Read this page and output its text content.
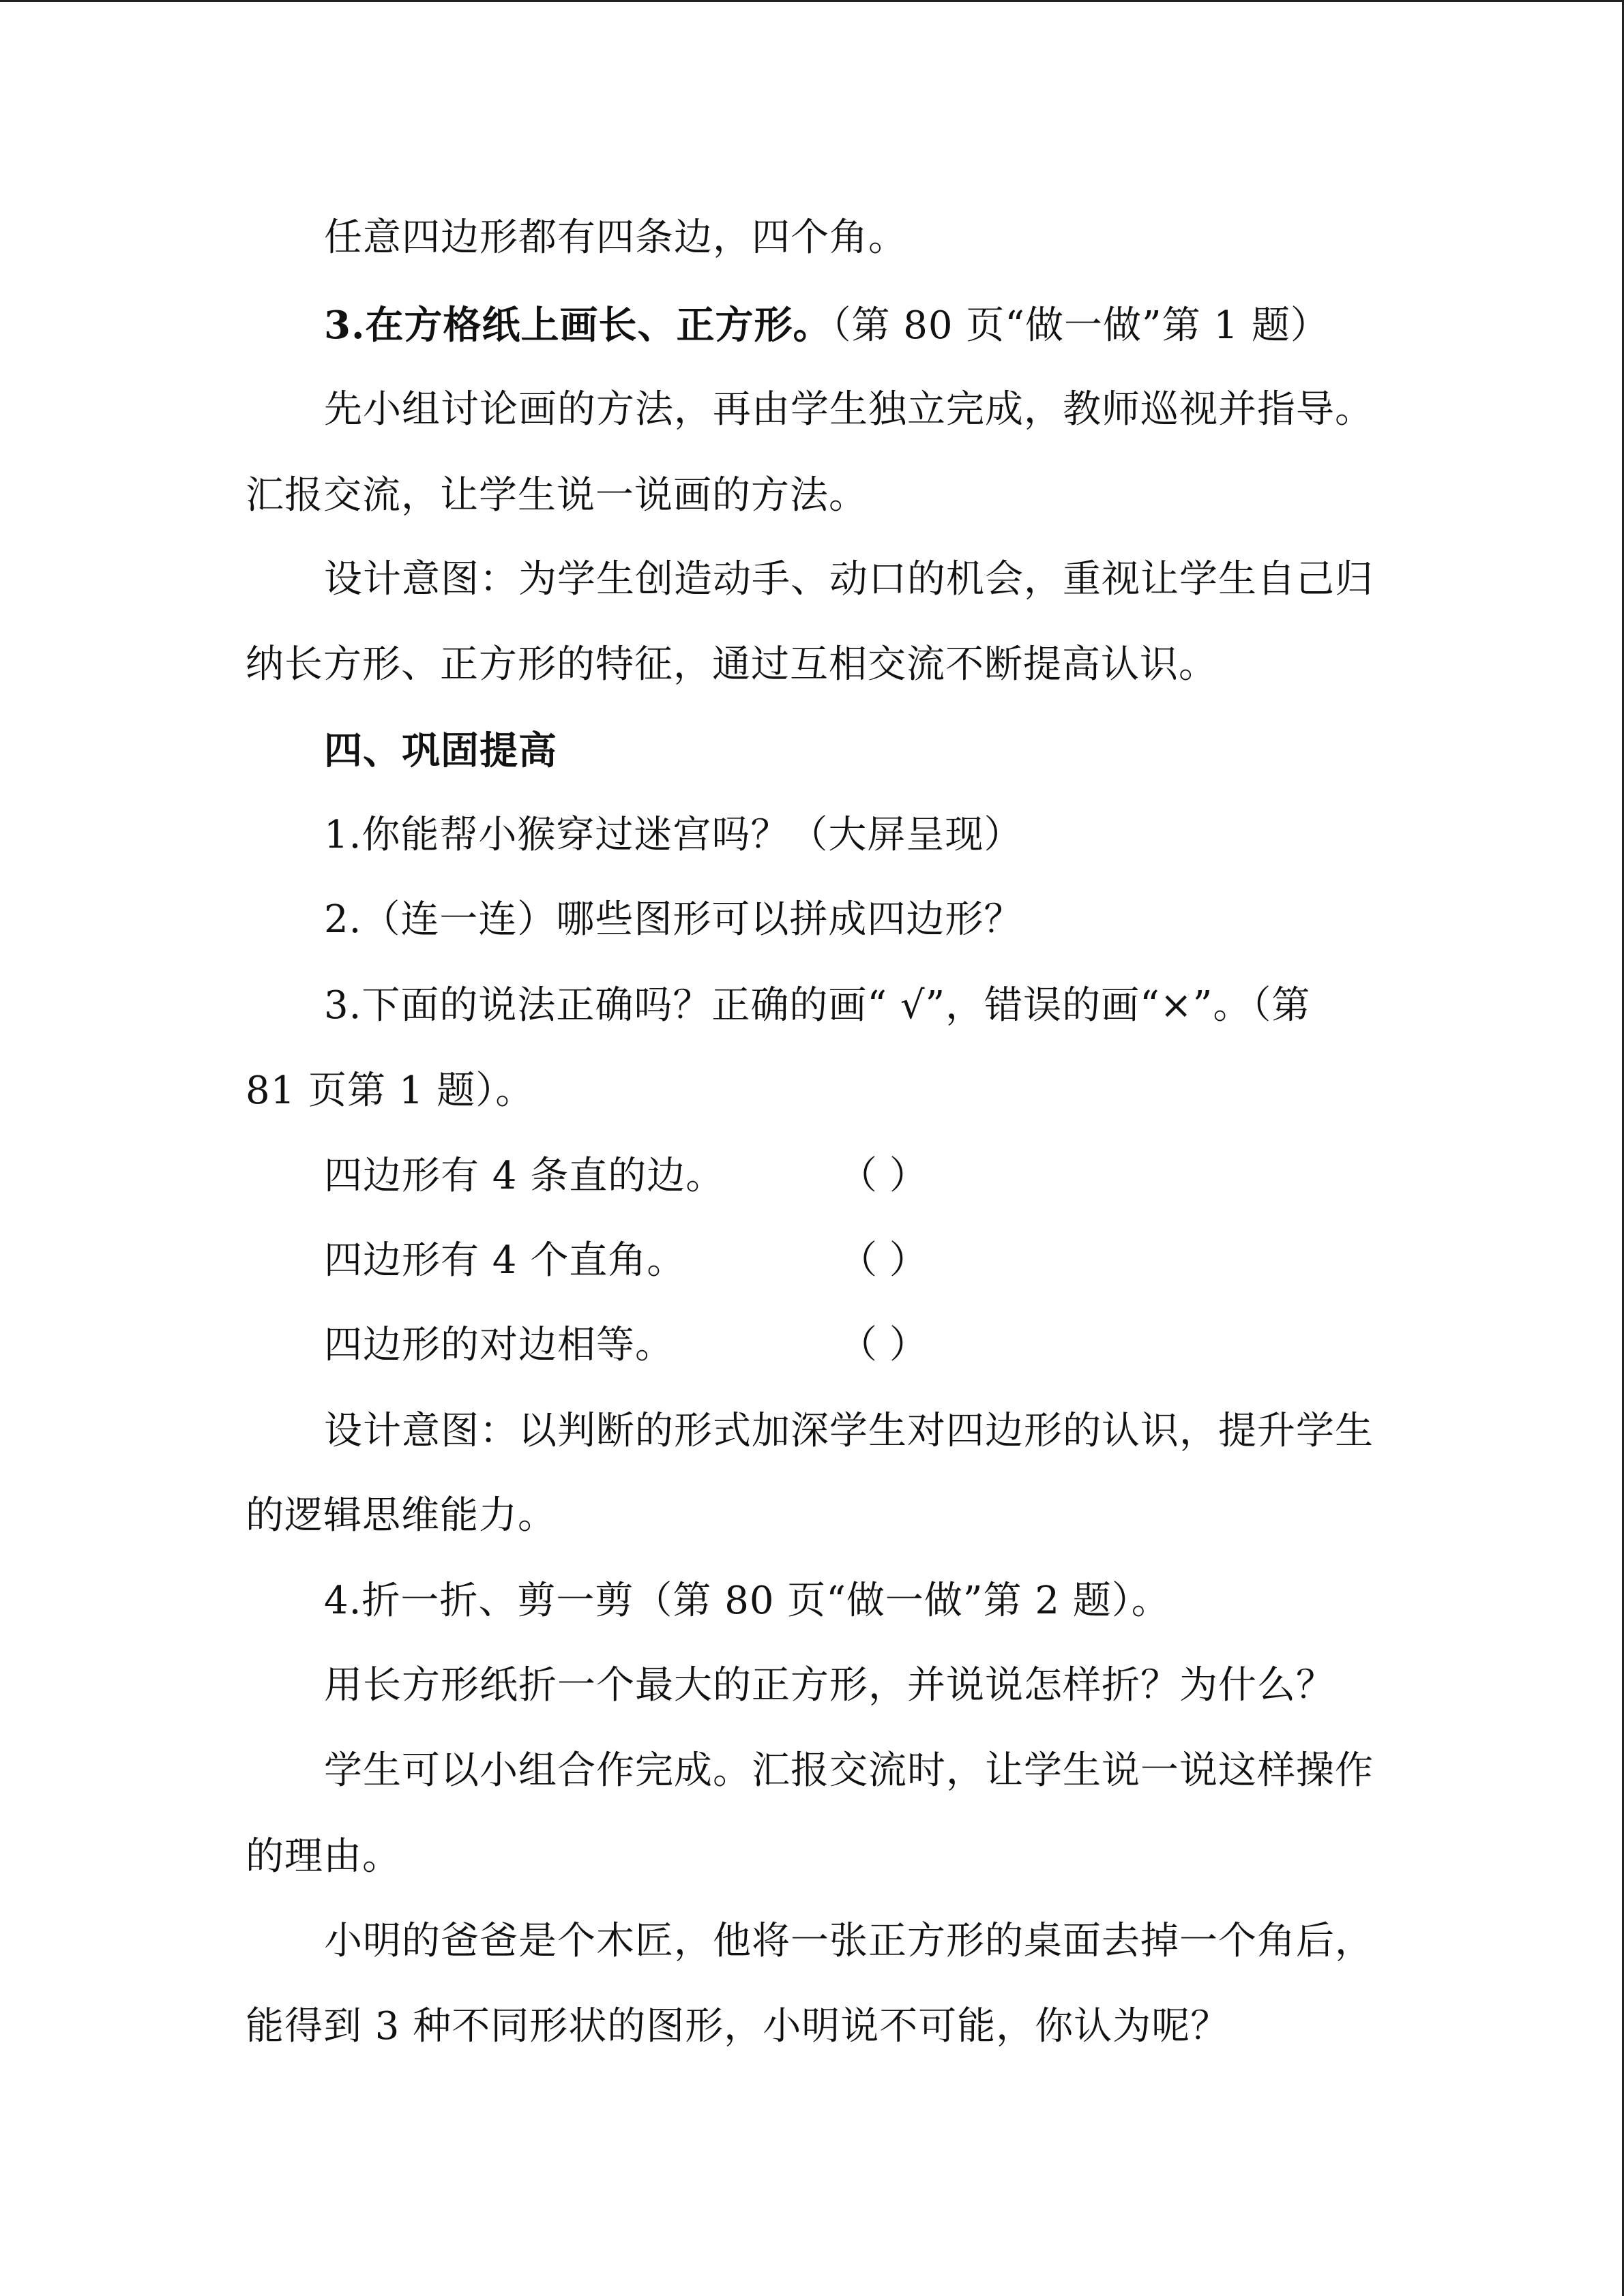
任意四边形都有四条边，四个角。
3.在方格纸上画长、正方形。（第 80 页“做一做”第 1 题）
先小组讨论画的方法，再由学生独立完成，教师巡视并指导。
汇报交流，让学生说一说画的方法。
设计意图：为学生创造动手、动口的机会，重视让学生自己归
纳长方形、正方形的特征，通过互相交流不断提高认识。
四、巩固提高
1.你能帮小猴穿过迷宫吗？（大屏呈现）
2.（连一连）哪些图形可以拼成四边形？
3.下面的说法正确吗？正确的画“ √”，错误的画“×”。（第
81 页第 1 题）。
四边形有 4 条直的边。	（ ）
四边形有 4 个直角。	（ ）
四边形的对边相等。	（ ）
设计意图：以判断的形式加深学生对四边形的认识，提升学生
的逻辑思维能力。
4.折一折、剪一剪（第 80 页“做一做”第 2 题）。
用长方形纸折一个最大的正方形，并说说怎样折？为什么？
学生可以小组合作完成。汇报交流时，让学生说一说这样操作
的理由。
小明的爸爸是个木匠，他将一张正方形的桌面去掉一个角后，
能得到 3 种不同形状的图形，小明说不可能，你认为呢？
